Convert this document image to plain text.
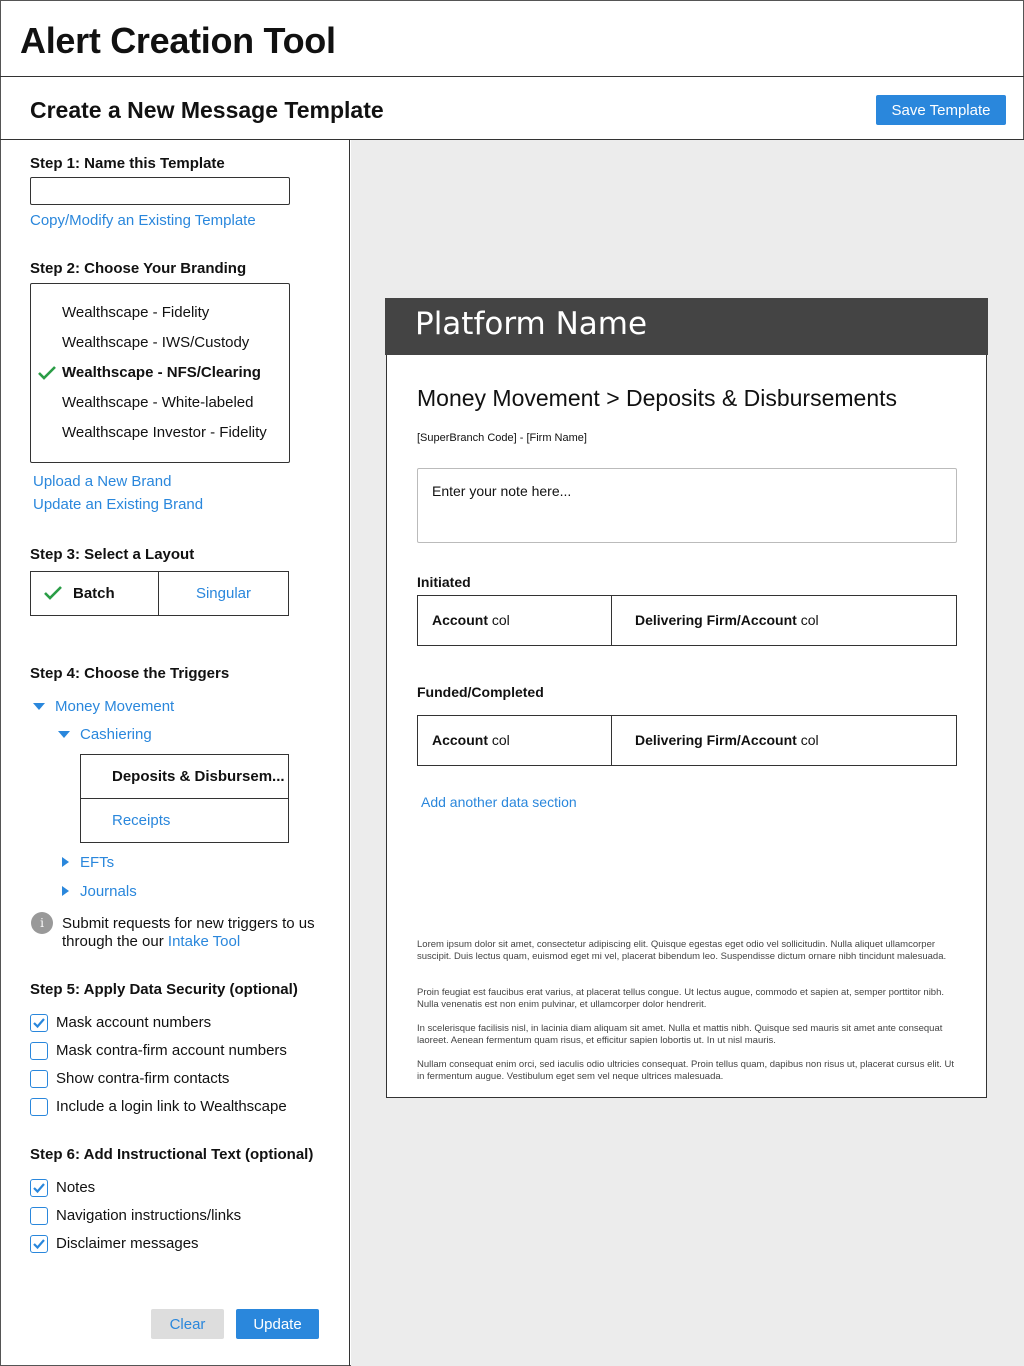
Alert Creation Tool
Create a New Message Template	Save Template
Step 1: Name this Template
Copy/Modify an Existing Template
Step 2: Choose Your Branding
Wealthscape - Fidelity
Wealthscape - IWS/Custody
Wealthscape - NFS/Clearing
Wealthscape - White-labeled
Wealthscape Investor - Fidelity
Upload a New Brand
Update an Existing Brand
Step 3: Select a Layout
Batch	Singular
Step 4: Choose the Triggers
Money Movement
Cashiering
Deposits & Disbursem...
Receipts
EFTs
Journals
i	Submit requests for new triggers to us through the our Intake Tool
Step 5: Apply Data Security (optional)
Mask account numbers
Mask contra-firm account numbers
Show contra-firm contacts
Include a login link to Wealthscape
Step 6: Add Instructional Text (optional)
Notes
Navigation instructions/links
Disclaimer messages
Clear	Update
Platform Name
Money Movement > Deposits & Disbursements
[SuperBranch Code] - [Firm Name]
Enter your note here...
Initiated
Account col	Delivering Firm/Account col
Funded/Completed
Account col	Delivering Firm/Account col
Add another data section
Lorem ipsum dolor sit amet, consectetur adipiscing elit. Quisque egestas eget odio vel sollicitudin. Nulla aliquet ullamcorper suscipit. Duis lectus quam, euismod eget mi vel, placerat bibendum leo. Suspendisse dictum ornare nibh tincidunt malesuada.
Proin feugiat est faucibus erat varius, at placerat tellus congue. Ut lectus augue, commodo et sapien at, semper porttitor nibh. Nulla venenatis est non enim pulvinar, et ullamcorper dolor hendrerit.
In scelerisque facilisis nisl, in lacinia diam aliquam sit amet. Nulla et mattis nibh. Quisque sed mauris sit amet ante consequat laoreet. Aenean fermentum quam risus, et efficitur sapien lobortis ut. In ut nisl mauris.
Nullam consequat enim orci, sed iaculis odio ultricies consequat. Proin tellus quam, dapibus non risus ut, placerat cursus elit. Ut in fermentum augue. Vestibulum eget sem vel neque ultrices malesuada.
